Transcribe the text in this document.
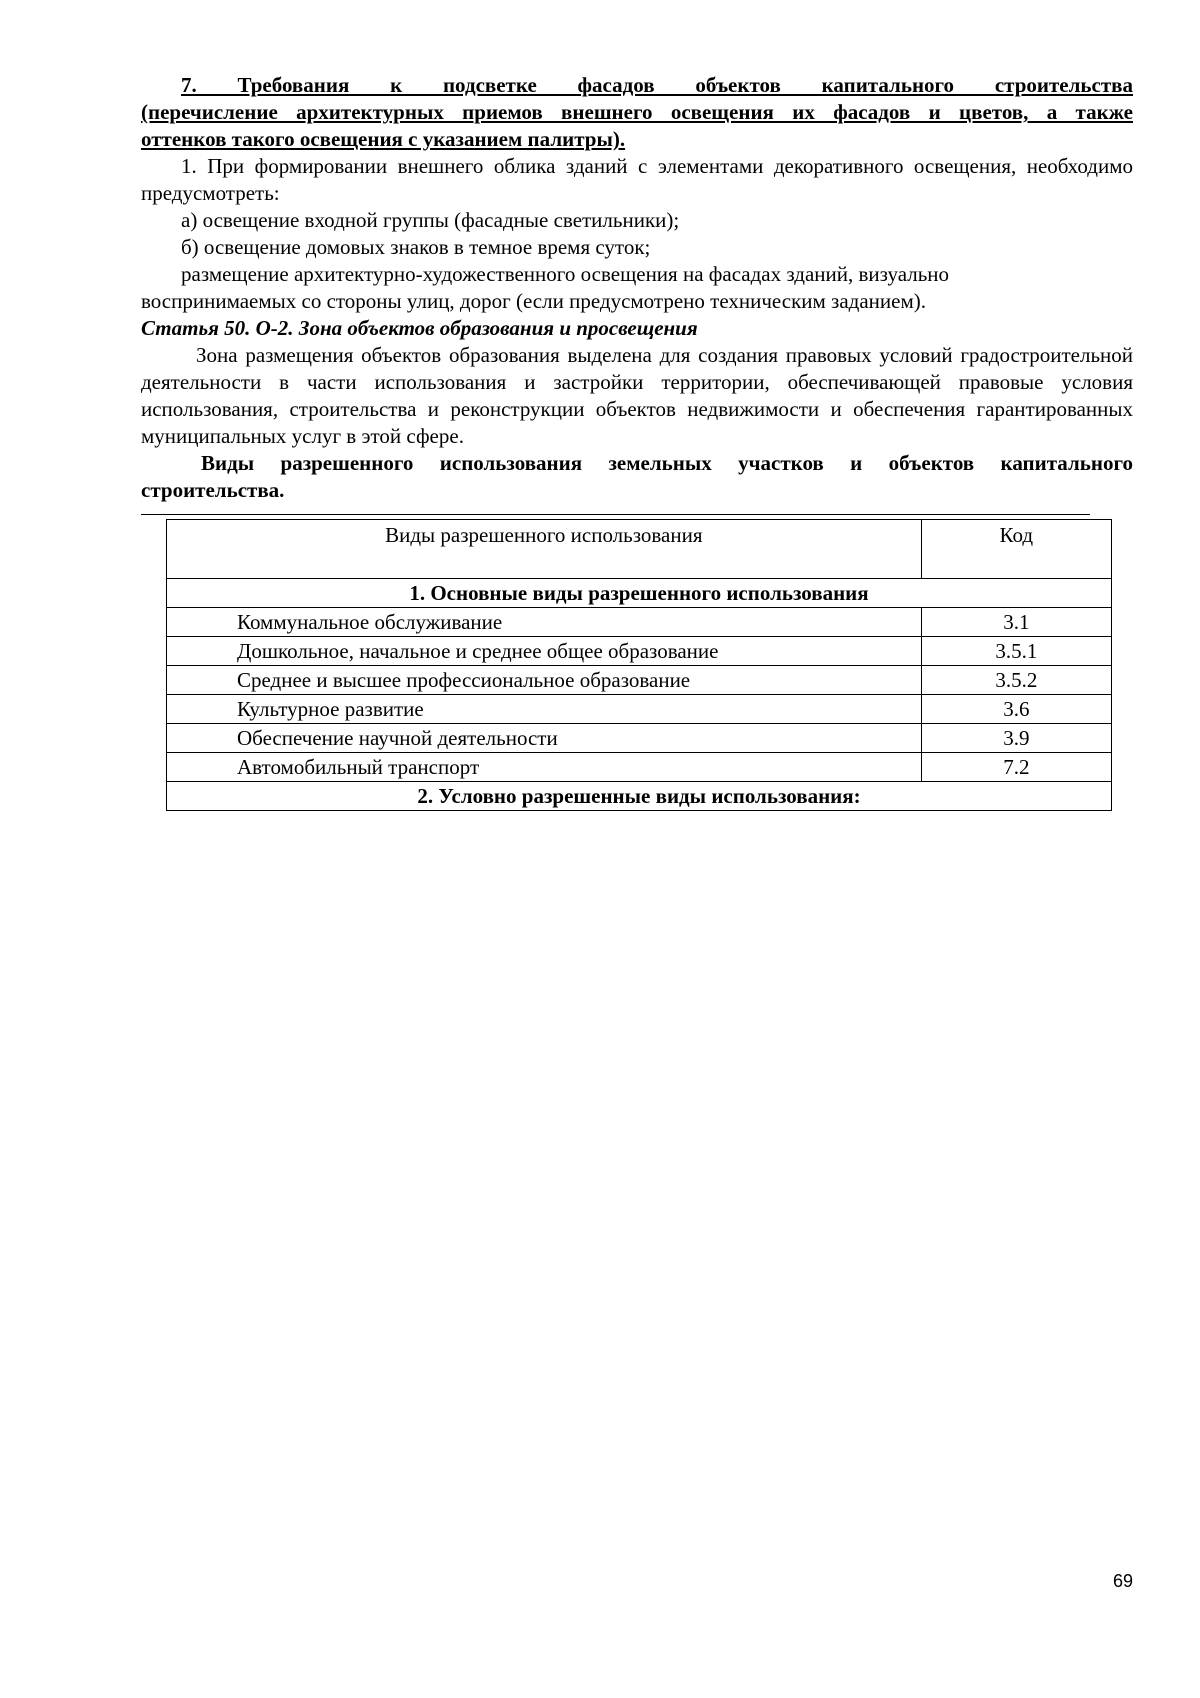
7. Требования к подсветке фасадов объектов капитального строительства
(перечисление архитектурных приемов внешнего освещения их фасадов и цветов, а также
оттенков такого освещения с указанием палитры).
1. При формировании внешнего облика зданий с элементами декоративного освещения, необходимо предусмотреть:
а) освещение входной группы (фасадные светильники);
б) освещение домовых знаков в темное время суток;
размещение архитектурно-художественного освещения на фасадах зданий, визуально
воспринимаемых со стороны улиц, дорог (если предусмотрено техническим заданием).
Статья 50. О-2. Зона объектов образования и просвещения
Зона размещения объектов образования выделена для создания правовых условий градостроительной деятельности в части использования и застройки территории, обеспечивающей правовые условия использования, строительства и реконструкции объектов недвижимости и обеспечения гарантированных муниципальных услуг в этой сфере.
Виды разрешенного использования земельных участков и объектов капитального строительства.
Виды разрешенного использования	Код
1. Основные виды разрешенного использования	
Коммунальное обслуживание	3.1
Дошкольное, начальное и среднее общее образование	3.5.1
Среднее и высшее профессиональное образование	3.5.2
Культурное развитие	3.6
Обеспечение научной деятельности	3.9
Автомобильный транспорт	7.2
2. Условно разрешенные виды использования:	
69
